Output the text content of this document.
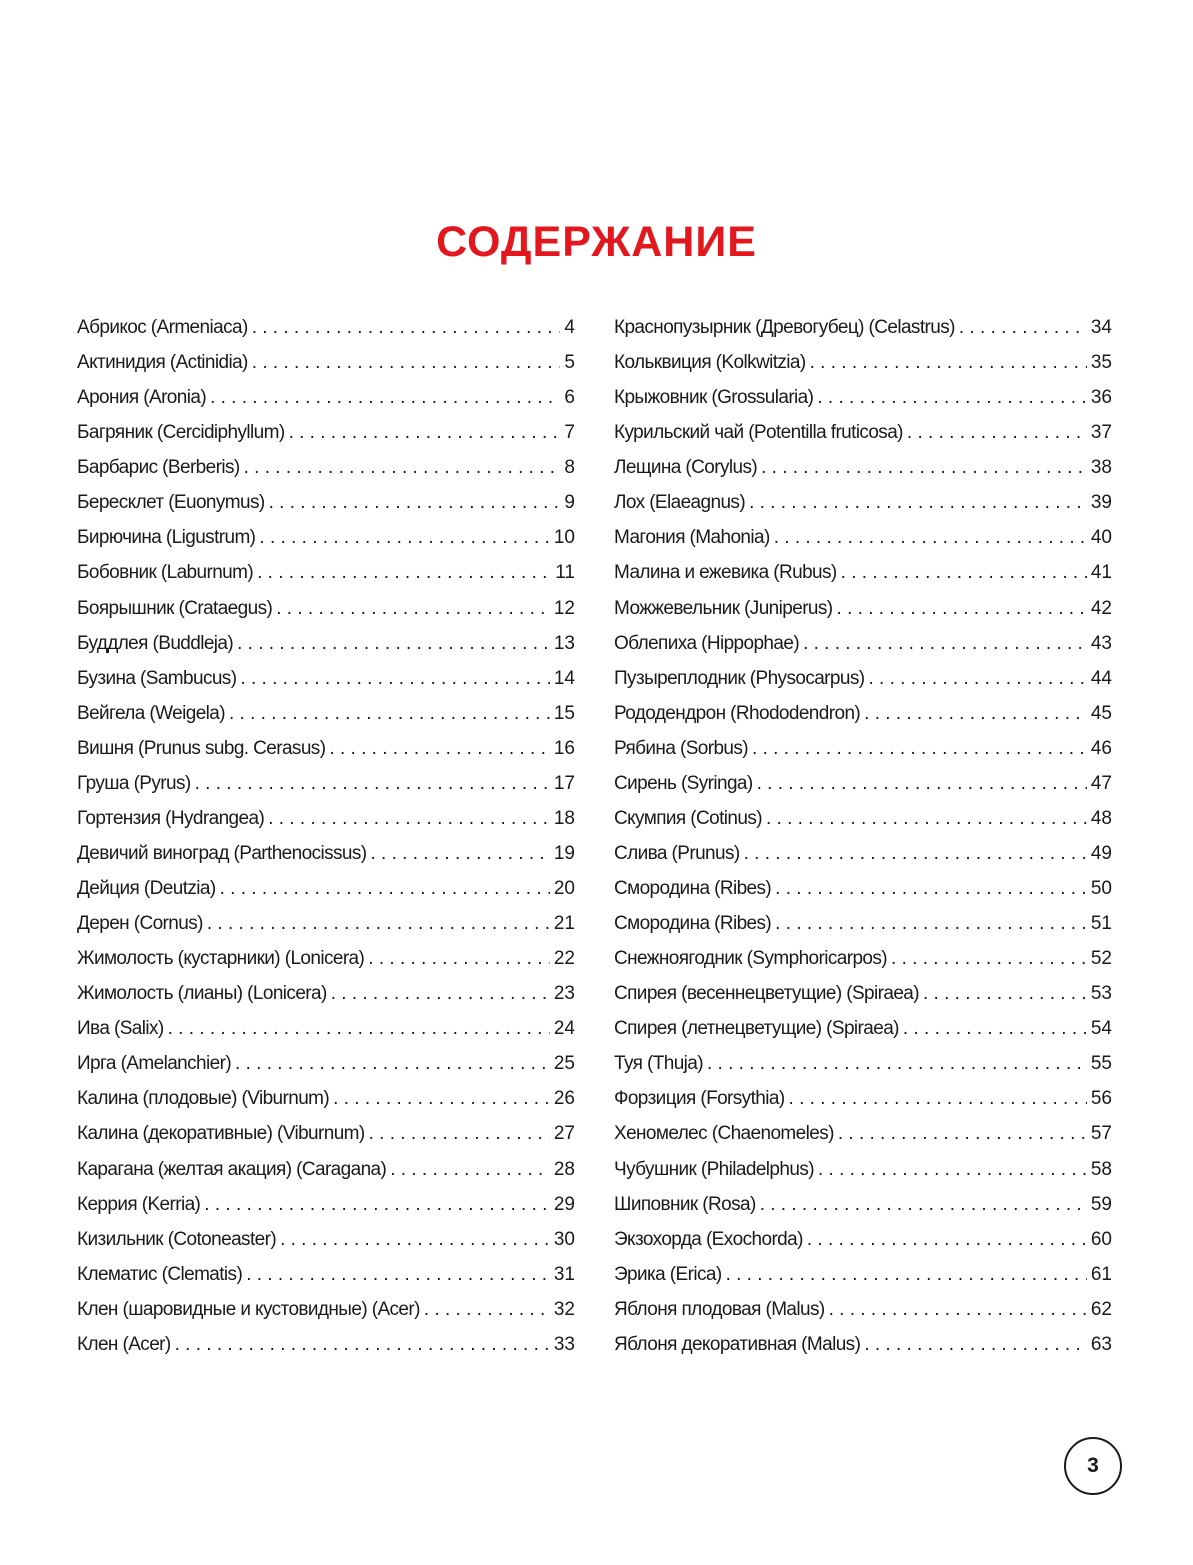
СОДЕРЖАНИЕ
Абрикос (Armeniaca) . . .	4
Актинидия (Actinidia) . . .	5
Арония (Aronia) . . .	6
Багряник (Cercidiphyllum) . . .	7
Барбарис (Berberis) . . .	8
Бересклет (Euonymus) . . .	9
Бирючина (Ligustrum) . . .	10
Бобовник (Laburnum) . . .	11
Боярышник (Crataegus) . . .	12
Буддлея (Buddleja) . . .	13
Бузина (Sambucus) . . .	14
Вейгела (Weigela) . . .	15
Вишня (Prunus subg. Cerasus) . . .	16
Груша (Pyrus) . . .	17
Гортензия (Hydrangea) . . .	18
Девичий виноград (Parthenocissus) . . .	19
Дейция (Deutzia) . . .	20
Дерен (Cornus) . . .	21
Жимолость (кустарники) (Lonicera) . . .	22
Жимолость (лианы) (Lonicera) . . .	23
Ива (Salix) . . .	24
Ирга (Amelanchier) . . .	25
Калина (плодовые) (Viburnum) . . .	26
Калина (декоративные) (Viburnum) . . .	27
Карагана (желтая акация) (Caragana) . . .	28
Керрия (Kerria) . . .	29
Кизильник (Cotoneaster) . . .	30
Клематис (Clematis) . . .	31
Клен (шаровидные и кустовидные) (Acer) . . .	32
Клен (Acer) . . .	33
Краснопузырник (Древогубец) (Celastrus) . . .	34
Кольквиция (Kolkwitzia) . . .	35
Крыжовник (Grossularia) . . .	36
Курильский чай (Potentilla fruticosa) . . .	37
Лещина (Corylus) . . .	38
Лох (Elaeagnus) . . .	39
Магония (Mahonia) . . .	40
Малина и ежевика (Rubus) . . .	41
Можжевельник (Juniperus) . . .	42
Облепиха (Hippophae) . . .	43
Пузыреплодник (Physocarpus) . . .	44
Рододендрон (Rhododendron) . . .	45
Рябина (Sorbus) . . .	46
Сирень (Syringa) . . .	47
Скумпия (Cotinus) . . .	48
Слива (Prunus) . . .	49
Смородина (Ribes) . . .	50
Смородина (Ribes) . . .	51
Снежноягодник (Symphoricarpos) . . .	52
Спирея (весеннецветущие) (Spiraea) . . .	53
Спирея (летнецветущие) (Spiraea) . . .	54
Туя (Thuja) . . .	55
Форзиция (Forsythia) . . .	56
Хеномелес (Chaenomeles) . . .	57
Чубушник (Philadelphus) . . .	58
Шиповник (Rosa) . . .	59
Экзохорда (Exochorda) . . .	60
Эрика (Erica) . . .	61
Яблоня плодовая (Malus) . . .	62
Яблоня декоративная (Malus) . . .	63
3
